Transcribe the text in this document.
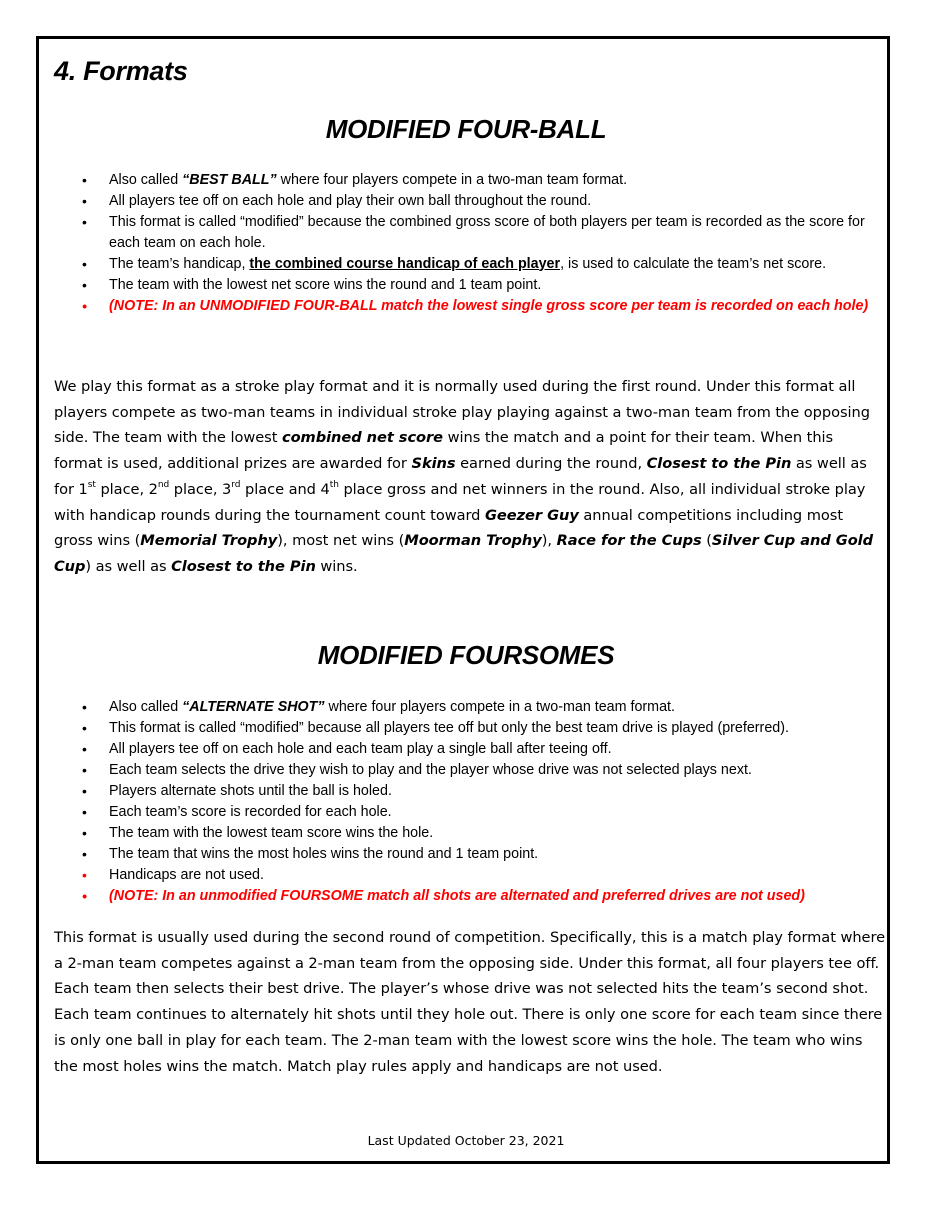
4. Formats
MODIFIED FOUR-BALL
•	Also called “BEST BALL” where four players compete in a two-man team format.
•	All players tee off on each hole and play their own ball throughout the round.
•	This format is called “modified” because the combined gross score of both players per team is recorded as the score for each team on each hole.
•	The team’s handicap, the combined course handicap of each player, is used to calculate the team’s net score.
•	The team with the lowest net score wins the round and 1 team point.
•	(NOTE: In an UNMODIFIED FOUR-BALL match the lowest single gross score per team is recorded on each hole)

We play this format as a stroke play format and it is normally used during the first round. Under this format all players compete as two-man teams in individual stroke play playing against a two-man team from the opposing side. The team with the lowest combined net score wins the match and a point for their team. When this format is used, additional prizes are awarded for Skins earned during the round, Closest to the Pin as well as for 1st place, 2nd place, 3rd place and 4th place gross and net winners in the round. Also, all individual stroke play with handicap rounds during the tournament count toward Geezer Guy annual competitions including most gross wins (Memorial Trophy), most net wins (Moorman Trophy), Race for the Cups (Silver Cup and Gold Cup) as well as Closest to the Pin wins.

MODIFIED FOURSOMES
•	Also called “ALTERNATE SHOT” where four players compete in a two-man team format.
•	This format is called “modified” because all players tee off but only the best team drive is played (preferred).
•	All players tee off on each hole and each team play a single ball after teeing off.
•	Each team selects the drive they wish to play and the player whose drive was not selected plays next.
•	Players alternate shots until the ball is holed.
•	Each team’s score is recorded for each hole.
•	The team with the lowest team score wins the hole.
•	The team that wins the most holes wins the round and 1 team point.
•	Handicaps are not used.
•	(NOTE: In an unmodified FOURSOME match all shots are alternated and preferred drives are not used)

This format is usually used during the second round of competition. Specifically, this is a match play format where a 2-man team competes against a 2-man team from the opposing side. Under this format, all four players tee off. Each team then selects their best drive. The player’s whose drive was not selected hits the team’s second shot. Each team continues to alternately hit shots until they hole out. There is only one score for each team since there is only one ball in play for each team. The 2-man team with the lowest score wins the hole. The team who wins the most holes wins the match. Match play rules apply and handicaps are not used.

Last Updated October 23, 2021
